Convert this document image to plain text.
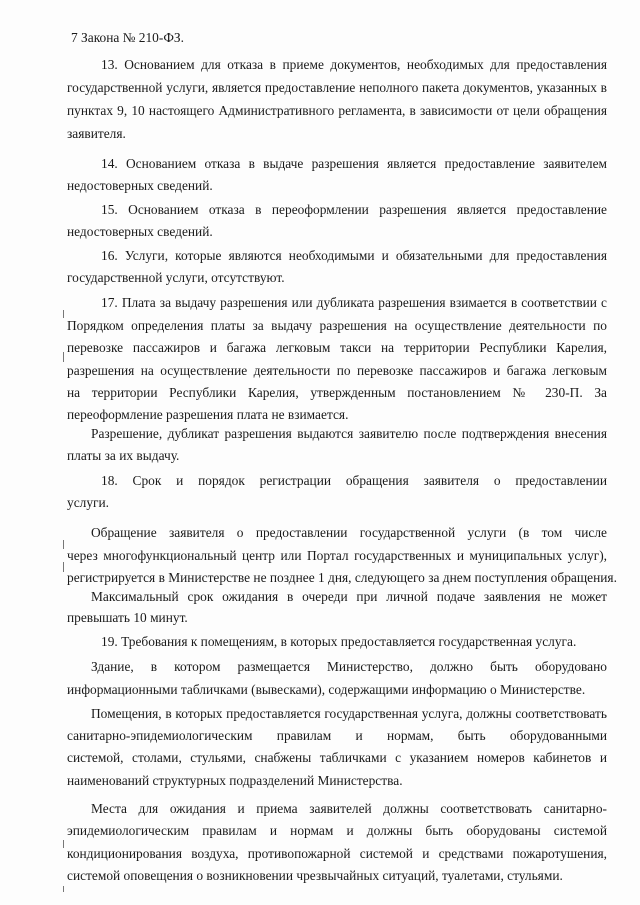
7 Закона № 210-ФЗ.
13. Основанием для отказа в приеме документов, необходимых для предоставления
государственной услуги, является предоставление неполного пакета документов, указанных в
пунктах 9, 10 настоящего Административного регламента, в зависимости от цели обращения
заявителя.
14. Основанием отказа в выдаче разрешения является предоставление заявителем
недостоверных сведений.
15. Основанием отказа в переоформлении разрешения является предоставление
недостоверных сведений.
16. Услуги, которые являются необходимыми и обязательными для предоставления
государственной услуги, отсутствуют.
17. Плата за выдачу разрешения или дубликата разрешения взимается в соответствии с
Порядком определения платы за выдачу разрешения на осуществление деятельности по
перевозке пассажиров и багажа легковым такси на территории Республики Карелия,
разрешения на осуществление деятельности по перевозке пассажиров и багажа легковым
на территории Республики Карелия, утвержденным постановлением № 230-П. За
переоформление разрешения плата не взимается.
Разрешение, дубликат разрешения выдаются заявителю после подтверждения внесения
платы за их выдачу.
18. Срок и порядок регистрации обращения заявителя о предоставлении
услуги.
Обращение заявителя о предоставлении государственной услуги (в том числе
через многофункциональный центр или Портал государственных и муниципальных услуг),
регистрируется в Министерстве не позднее 1 дня, следующего за днем поступления обращения.
Максимальный срок ожидания в очереди при личной подаче заявления не может
превышать 10 минут.
19. Требования к помещениям, в которых предоставляется государственная услуга.
Здание, в котором размещается Министерство, должно быть оборудовано
информационными табличками (вывесками), содержащими информацию о Министерстве.
Помещения, в которых предоставляется государственная услуга, должны соответствовать
санитарно-эпидемиологическим правилам и нормам, быть оборудованными
системой, столами, стульями, снабжены табличками с указанием номеров кабинетов и
наименований структурных подразделений Министерства.
Места для ожидания и приема заявителей должны соответствовать санитарно-
эпидемиологическим правилам и нормам и должны быть оборудованы системой
кондиционирования воздуха, противопожарной системой и средствами пожаротушения,
системой оповещения о возникновении чрезвычайных ситуаций, туалетами, стульями.
